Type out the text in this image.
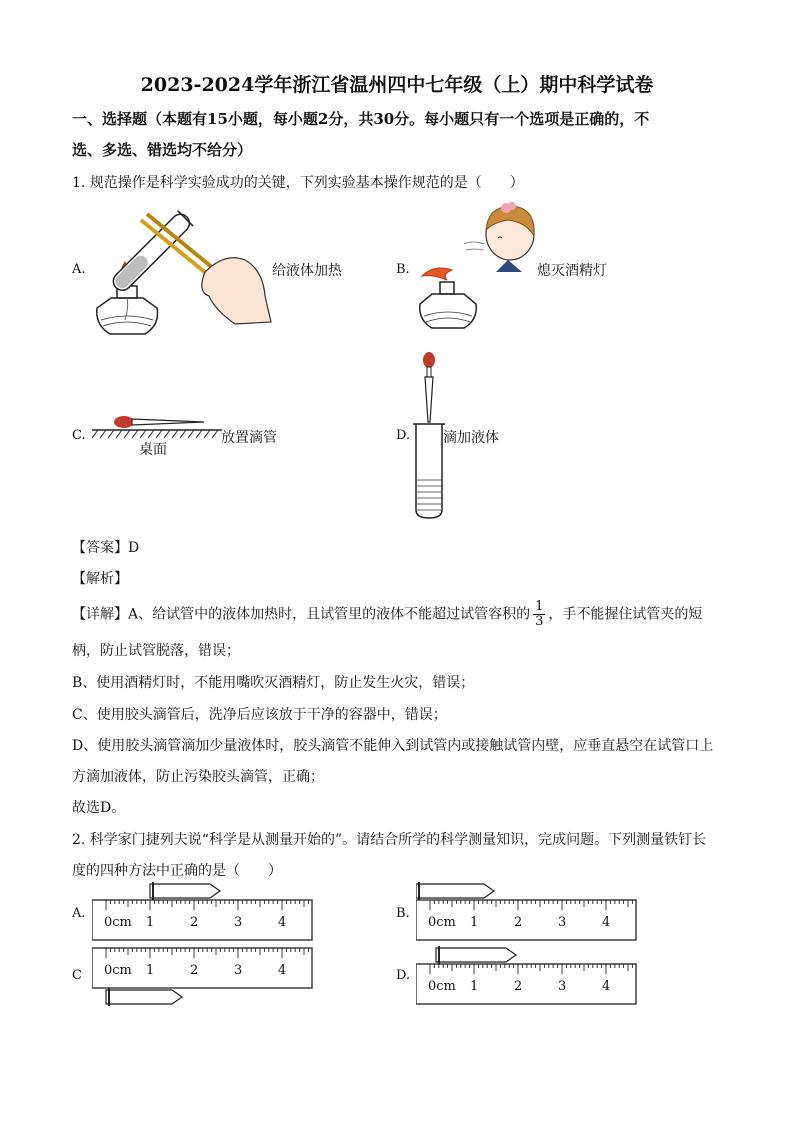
2023-2024学年浙江省温州四中七年级（上）期中科学试卷
一、选择题（本题有15小题，每小题2分，共30分。每小题只有一个选项是正确的，不
选、多选、错选均不给分）
1. 规范操作是科学实验成功的关键，下列实验基本操作规范的是（　　）
A.	给液体加热	B.	熄灭酒精灯
C.	放置滴管
桌面
D. 滴加液体
【答案】D
【解析】
【详解】A、给试管中的液体加热时，且试管里的液体不能超过试管容积的 $\frac{1}{3}$ ，手不能握住试管夹的短
柄，防止试管脱落，错误；
B、使用酒精灯时，不能用嘴吹灭酒精灯，防止发生火灾，错误；
C、使用胶头滴管后，洗净后应该放于干净的容器中，错误；
D、使用胶头滴管滴加少量液体时，胶头滴管不能伸入到试管内或接触试管内壁，应垂直悬空在试管口上
方滴加液体，防止污染胶头滴管，正确；
故选D。
2. 科学家门捷列夫说“科学是从测量开始的”。请结合所学的科学测量知识，完成问题。下列测量铁钉长
度的四种方法中正确的是（　　）
A.	B.
C	D.
0cm 1	2	3	4	0cm 1	2	3	4
0cm 1	2	3	4
0cm 1	2	3	4
